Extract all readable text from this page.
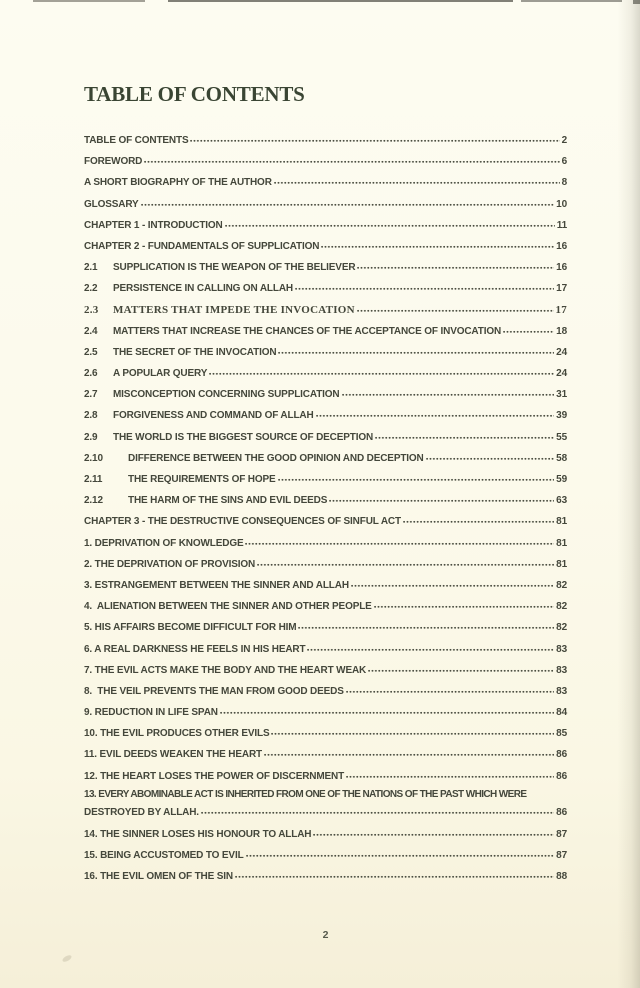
TABLE OF CONTENTS
TABLE OF CONTENTS	2
FOREWORD	6
A SHORT BIOGRAPHY OF THE AUTHOR	8
GLOSSARY	10
CHAPTER 1 - INTRODUCTION	11
CHAPTER 2 - FUNDAMENTALS OF SUPPLICATION	16
2.1	SUPPLICATION IS THE WEAPON OF THE BELIEVER	16
2.2	PERSISTENCE IN CALLING ON ALLAH	17
2.3	MATTERS THAT IMPEDE THE INVOCATION	17
2.4	MATTERS THAT INCREASE THE CHANCES OF THE ACCEPTANCE OF INVOCATION	18
2.5	THE SECRET OF THE INVOCATION	24
2.6	A POPULAR QUERY	24
2.7	MISCONCEPTION CONCERNING SUPPLICATION	31
2.8	FORGIVENESS AND COMMAND OF ALLAH	39
2.9	THE WORLD IS THE BIGGEST SOURCE OF DECEPTION	55
2.10	DIFFERENCE BETWEEN THE GOOD OPINION AND DECEPTION	58
2.11	THE REQUIREMENTS OF HOPE	59
2.12	THE HARM OF THE SINS AND EVIL DEEDS	63
CHAPTER 3 - THE DESTRUCTIVE CONSEQUENCES OF SINFUL ACT	81
1. DEPRIVATION OF KNOWLEDGE	81
2. THE DEPRIVATION OF PROVISION	81
3. ESTRANGEMENT BETWEEN THE SINNER AND ALLAH	82
4.  ALIENATION BETWEEN THE SINNER AND OTHER PEOPLE	82
5. HIS AFFAIRS BECOME DIFFICULT FOR HIM	82
6. A REAL DARKNESS HE FEELS IN HIS HEART	83
7. THE EVIL ACTS MAKE THE BODY AND THE HEART WEAK	83
8.  THE VEIL PREVENTS THE MAN FROM GOOD DEEDS	83
9. REDUCTION IN LIFE SPAN	84
10. THE EVIL PRODUCES OTHER EVILS	85
11. EVIL DEEDS WEAKEN THE HEART	86
12. THE HEART LOSES THE POWER OF DISCERNMENT	86
13. EVERY ABOMINABLE ACT IS INHERITED FROM ONE OF THE NATIONS OF THE PAST WHICH WERE
DESTROYED BY ALLAH.	86
14. THE SINNER LOSES HIS HONOUR TO ALLAH	87
15. BEING ACCUSTOMED TO EVIL	87
16. THE EVIL OMEN OF THE SIN	88
2
